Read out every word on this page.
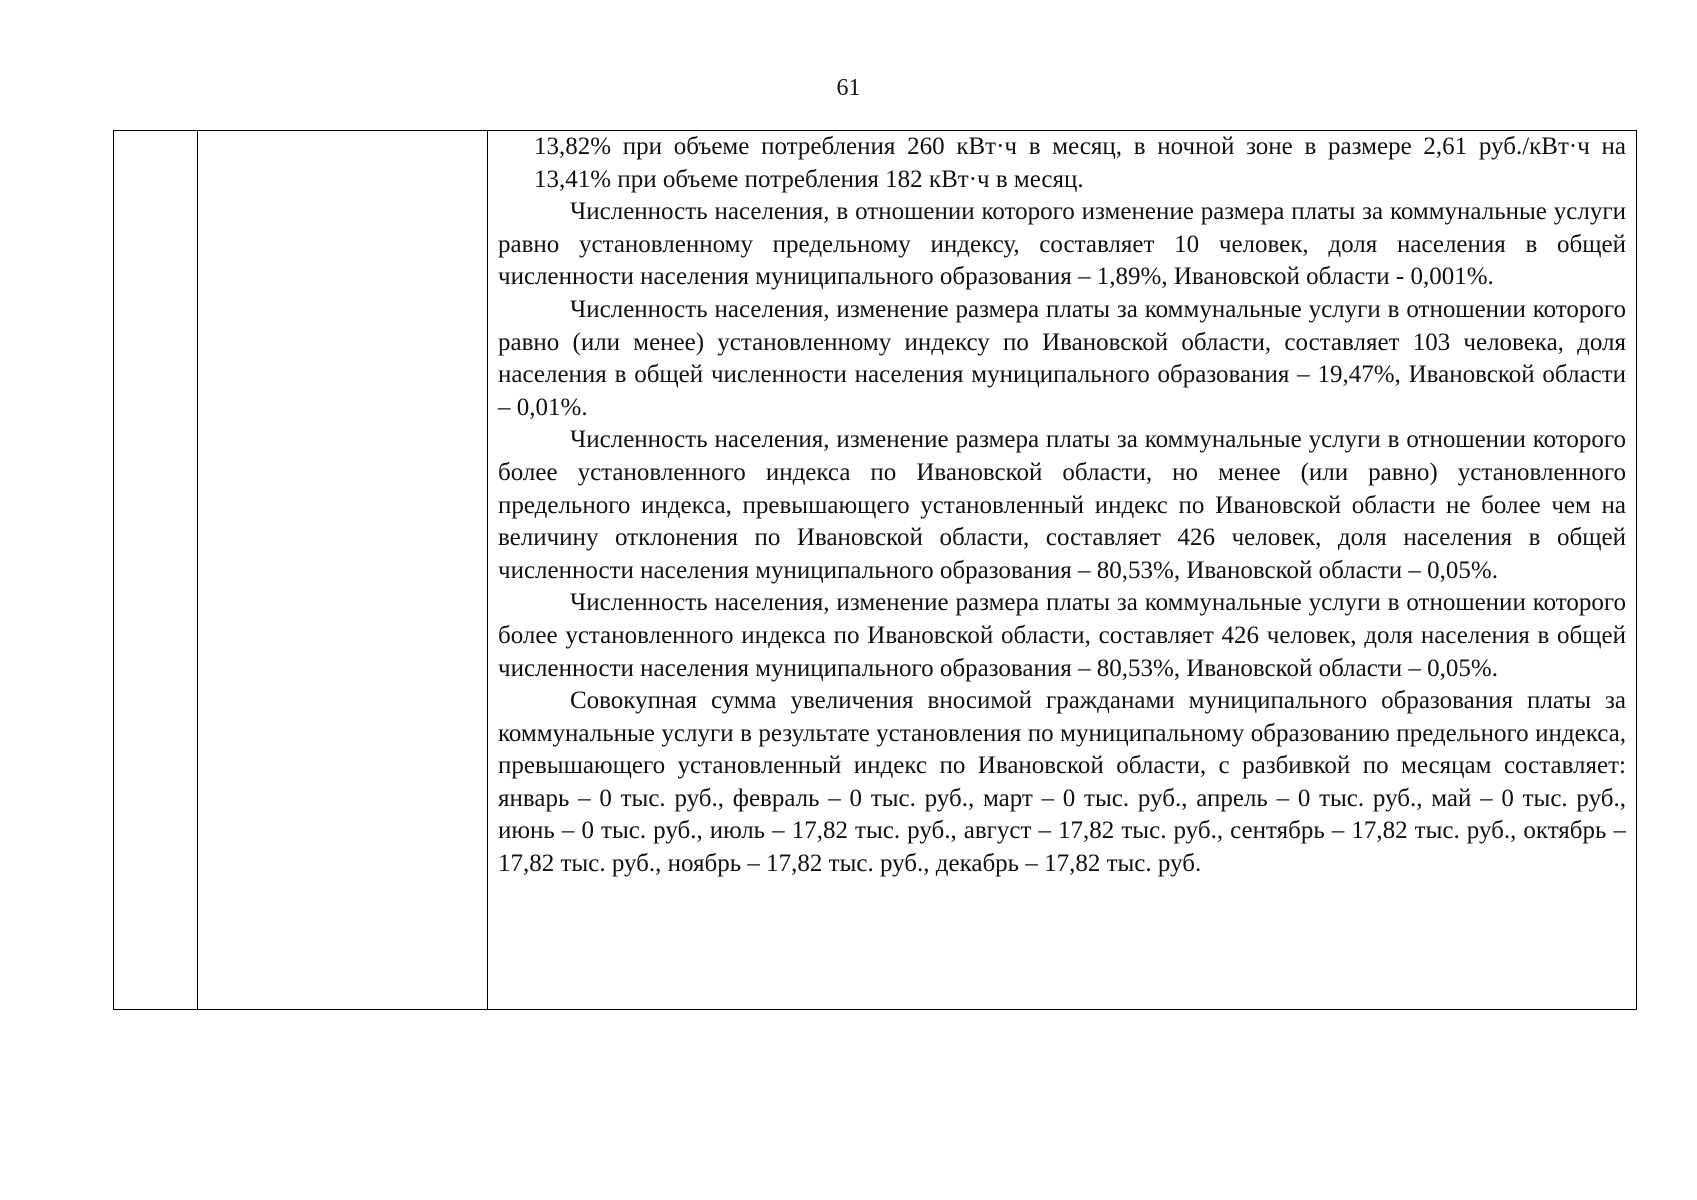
61

13,82% при объеме потребления 260 кВт·ч в месяц, в ночной зоне в размере 2,61 руб./кВт·ч на 13,41% при объеме потребления 182 кВт·ч в месяц.

Численность населения, в отношении которого изменение размера платы за коммунальные услуги равно установленному предельному индексу, составляет 10 человек, доля населения в общей численности населения муниципального образования – 1,89%, Ивановской области - 0,001%.

Численность населения, изменение размера платы за коммунальные услуги в отношении которого равно (или менее) установленному индексу по Ивановской области, составляет 103 человека, доля населения в общей численности населения муниципального образования – 19,47%, Ивановской области – 0,01%.

Численность населения, изменение размера платы за коммунальные услуги в отношении которого более установленного индекса по Ивановской области, но менее (или равно) установленного предельного индекса, превышающего установленный индекс по Ивановской области не более чем на величину отклонения по Ивановской области, составляет 426 человек, доля населения в общей численности населения муниципального образования – 80,53%, Ивановской области – 0,05%.

Численность населения, изменение размера платы за коммунальные услуги в отношении которого более установленного индекса по Ивановской области, составляет 426 человек, доля населения в общей численности населения муниципального образования – 80,53%, Ивановской области – 0,05%.

Совокупная сумма увеличения вносимой гражданами муниципального образования платы за коммунальные услуги в результате установления по муниципальному образованию предельного индекса, превышающего установленный индекс по Ивановской области, с разбивкой по месяцам составляет: январь – 0 тыс. руб., февраль – 0 тыс. руб., март – 0 тыс. руб., апрель – 0 тыс. руб., май – 0 тыс. руб., июнь – 0 тыс. руб., июль – 17,82 тыс. руб., август – 17,82 тыс. руб., сентябрь – 17,82 тыс. руб., октябрь – 17,82 тыс. руб., ноябрь – 17,82 тыс. руб., декабрь – 17,82 тыс. руб.
